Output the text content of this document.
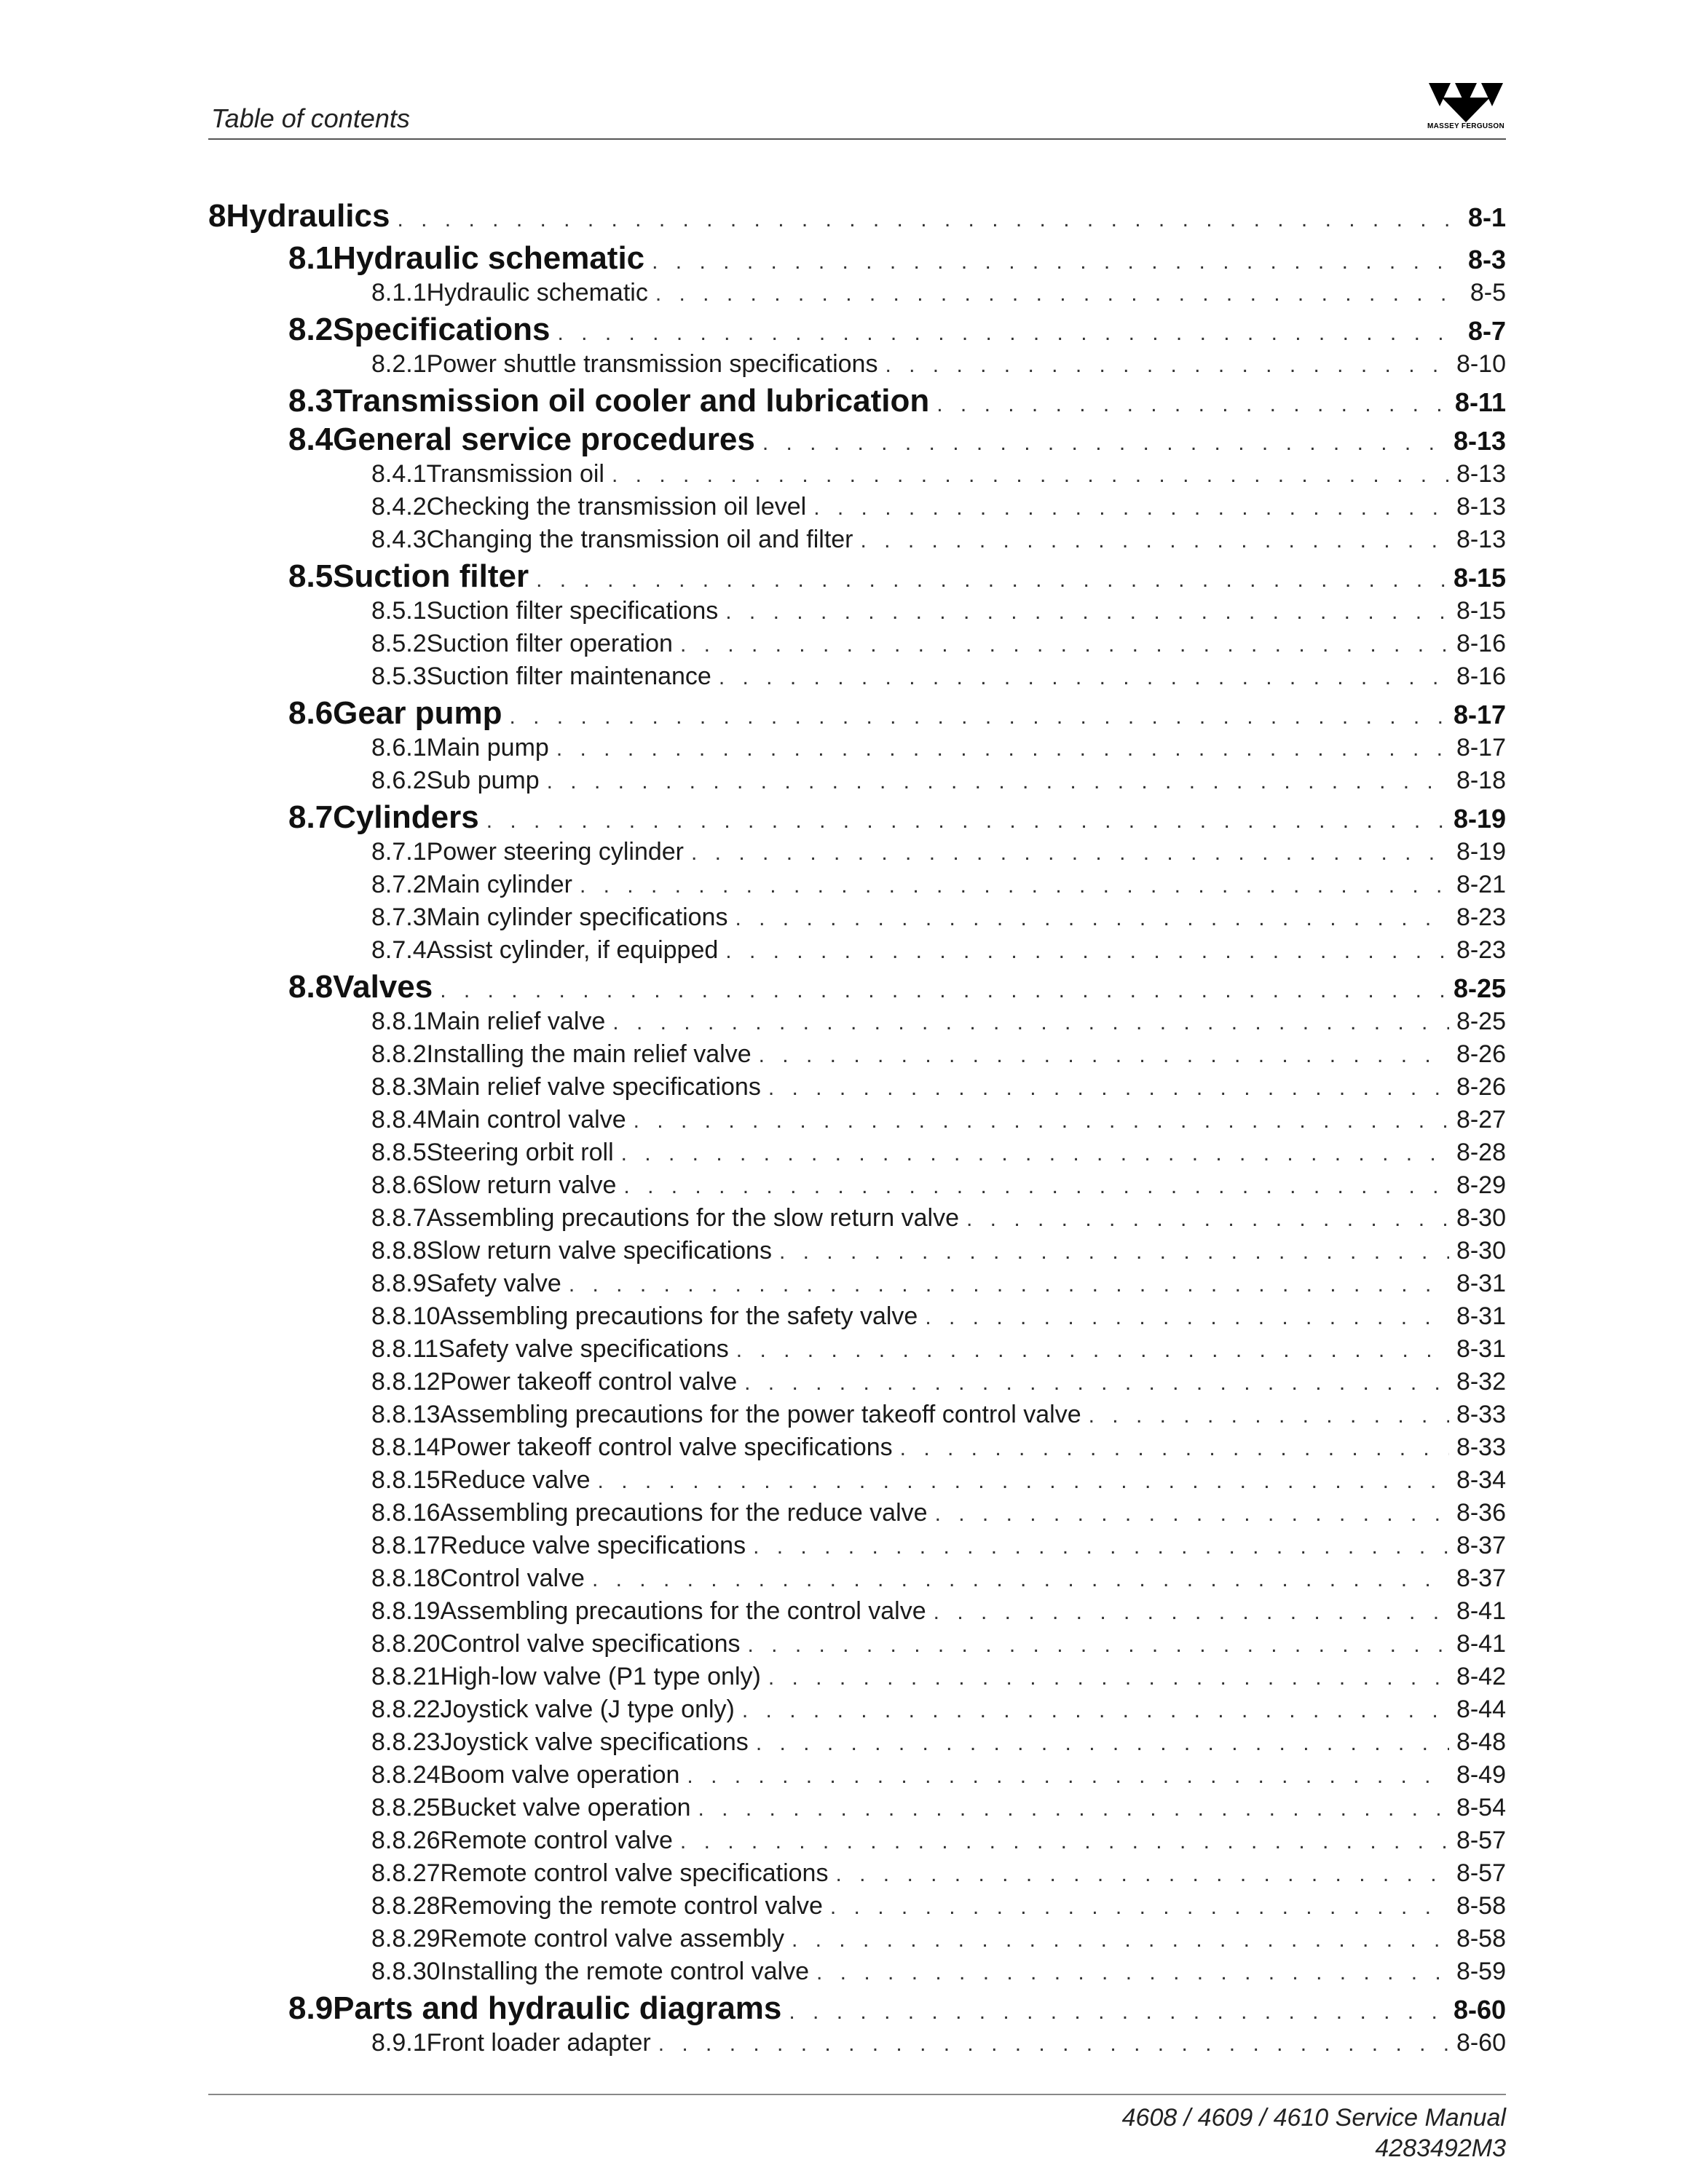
Table of contents	MASSEY FERGUSON
8 Hydraulics . . .	8-1
8.1 Hydraulic schematic . . .	8-3
8.1.1 Hydraulic schematic . . .	8-5
8.2 Specifications . . .	8-7
8.2.1 Power shuttle transmission specifications . . .	8-10
8.3 Transmission oil cooler and lubrication . . .	8-11
8.4 General service procedures . . .	8-13
8.4.1 Transmission oil . . .	8-13
8.4.2 Checking the transmission oil level . . .	8-13
8.4.3 Changing the transmission oil and filter . . .	8-13
8.5 Suction filter . . .	8-15
8.5.1 Suction filter specifications . . .	8-15
8.5.2 Suction filter operation . . .	8-16
8.5.3 Suction filter maintenance . . .	8-16
8.6 Gear pump . . .	8-17
8.6.1 Main pump . . .	8-17
8.6.2 Sub pump . . .	8-18
8.7 Cylinders . . .	8-19
8.7.1 Power steering cylinder . . .	8-19
8.7.2 Main cylinder . . .	8-21
8.7.3 Main cylinder specifications . . .	8-23
8.7.4 Assist cylinder, if equipped . . .	8-23
8.8 Valves . . .	8-25
8.8.1 Main relief valve . . .	8-25
8.8.2 Installing the main relief valve . . .	8-26
8.8.3 Main relief valve specifications . . .	8-26
8.8.4 Main control valve . . .	8-27
8.8.5 Steering orbit roll . . .	8-28
8.8.6 Slow return valve . . .	8-29
8.8.7 Assembling precautions for the slow return valve . . .	8-30
8.8.8 Slow return valve specifications . . .	8-30
8.8.9 Safety valve . . .	8-31
8.8.10 Assembling precautions for the safety valve . . .	8-31
8.8.11 Safety valve specifications . . .	8-31
8.8.12 Power takeoff control valve . . .	8-32
8.8.13 Assembling precautions for the power takeoff control valve . . .	8-33
8.8.14 Power takeoff control valve specifications . . .	8-33
8.8.15 Reduce valve . . .	8-34
8.8.16 Assembling precautions for the reduce valve . . .	8-36
8.8.17 Reduce valve specifications . . .	8-37
8.8.18 Control valve . . .	8-37
8.8.19 Assembling precautions for the control valve . . .	8-41
8.8.20 Control valve specifications . . .	8-41
8.8.21 High-low valve (P1 type only) . . .	8-42
8.8.22 Joystick valve (J type only) . . .	8-44
8.8.23 Joystick valve specifications . . .	8-48
8.8.24 Boom valve operation . . .	8-49
8.8.25 Bucket valve operation . . .	8-54
8.8.26 Remote control valve . . .	8-57
8.8.27 Remote control valve specifications . . .	8-57
8.8.28 Removing the remote control valve . . .	8-58
8.8.29 Remote control valve assembly . . .	8-58
8.8.30 Installing the remote control valve . . .	8-59
8.9 Parts and hydraulic diagrams . . .	8-60
8.9.1 Front loader adapter . . .	8-60
4608 / 4609 / 4610 Service Manual
4283492M3
